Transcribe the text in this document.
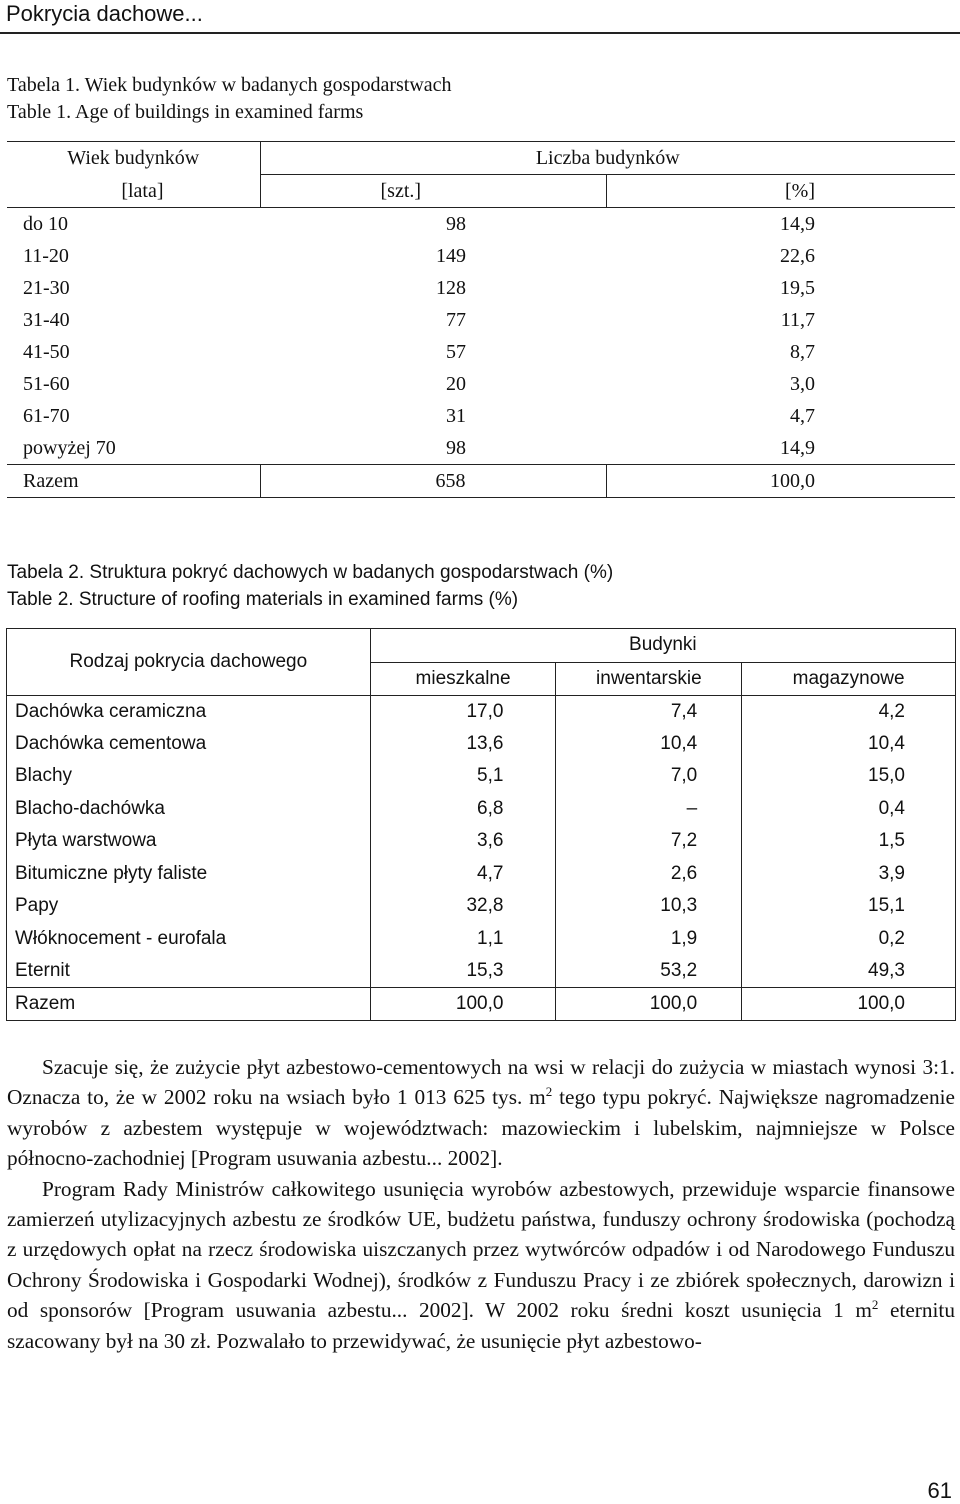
Pokrycia dachowe...
Tabela 1. Wiek budynków w badanych gospodarstwach
Table 1. Age of buildings in examined farms
Wiek budynków	Liczba budynków	
[lata]	[szt.]	[%]
do 10	98	14,9
11-20	149	22,6
21-30	128	19,5
31-40	77	11,7
41-50	57	8,7
51-60	20	3,0
61-70	31	4,7
powyżej 70	98	14,9
Razem	658	100,0
Tabela 2. Struktura pokryć dachowych w badanych gospodarstwach (%)
Table 2. Structure of roofing materials in examined farms (%)
Rodzaj pokrycia dachowego	Budynki		
	mieszkalne	inwentarskie	magazynowe
Dachówka ceramiczna	17,0	7,4	4,2
Dachówka cementowa	13,6	10,4	10,4
Blachy	5,1	7,0	15,0
Blacho-dachówka	6,8	–	0,4
Płyta warstwowa	3,6	7,2	1,5
Bitumiczne płyty faliste	4,7	2,6	3,9
Papy	32,8	10,3	15,1
Włóknocement - eurofala	1,1	1,9	0,2
Eternit	15,3	53,2	49,3
Razem	100,0	100,0	100,0

Szacuje się, że zużycie płyt azbestowo-cementowych na wsi w relacji do zużycia w miastach wynosi 3:1. Oznacza to, że w 2002 roku na wsiach było 1 013 625 tys. $m^2$ tego typu pokryć. Największe nagromadzenie wyrobów z azbestem występuje w województwach: mazowieckim i lubelskim, najmniejsze w Polsce północno-zachodniej [Program usuwania azbestu... 2002].

Program Rady Ministrów całkowitego usunięcia wyrobów azbestowych, przewiduje wsparcie finansowe zamierzeń utylizacyjnych azbestu ze środków UE, budżetu państwa, funduszy ochrony środowiska (pochodzą z urzędowych opłat na rzecz środowiska uiszczanych przez wytwórców odpadów i od Narodowego Funduszu Ochrony Środowiska i Gospodarki Wodnej), środków z Funduszu Pracy i ze zbiórek społecznych, darowizn i od sponsorów [Program usuwania azbestu... 2002]. W 2002 roku średni koszt usunięcia 1 $m^2$ eternitu szacowany był na 30 zł. Pozwalało to przewidywać, że usunięcie płyt azbestowo-

61
